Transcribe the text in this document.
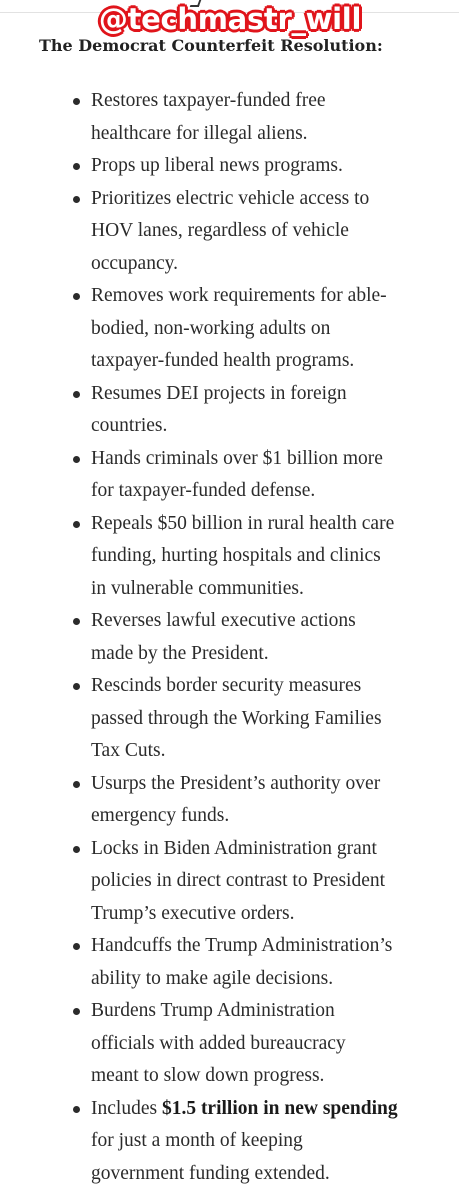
@techmastr_will
The Democrat Counterfeit Resolution:
Restores taxpayer-funded free
healthcare for illegal aliens.
Props up liberal news programs.
Prioritizes electric vehicle access to
HOV lanes, regardless of vehicle
occupancy.
Removes work requirements for able-
bodied, non-working adults on
taxpayer-funded health programs.
Resumes DEI projects in foreign
countries.
Hands criminals over $1 billion more
for taxpayer-funded defense.
Repeals $50 billion in rural health care
funding, hurting hospitals and clinics
in vulnerable communities.
Reverses lawful executive actions
made by the President.
Rescinds border security measures
passed through the Working Families
Tax Cuts.
Usurps the President’s authority over
emergency funds.
Locks in Biden Administration grant
policies in direct contrast to President
Trump’s executive orders.
Handcuffs the Trump Administration’s
ability to make agile decisions.
Burdens Trump Administration
officials with added bureaucracy
meant to slow down progress.
Includes $1.5 trillion in new spending
for just a month of keeping
government funding extended.
